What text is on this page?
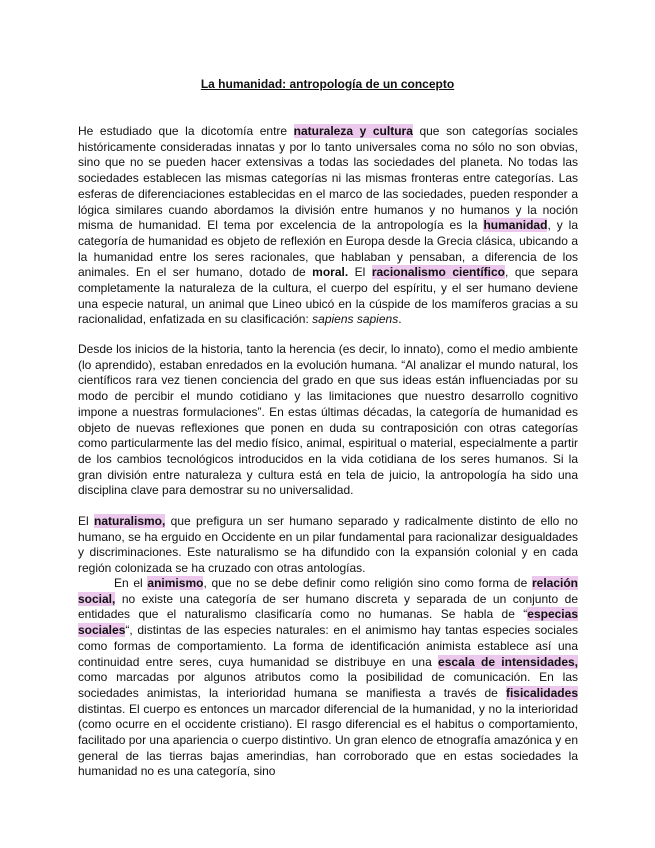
La humanidad: antropología de un concepto

He estudiado que la dicotomía entre naturaleza y cultura que son categorías sociales históricamente consideradas innatas y por lo tanto universales coma no sólo no son obvias, sino que no se pueden hacer extensivas a todas las sociedades del planeta. No todas las sociedades establecen las mismas categorías ni las mismas fronteras entre categorías. Las esferas de diferenciaciones establecidas en el marco de las sociedades, pueden responder a lógica similares cuando abordamos la división entre humanos y no humanos y la noción misma de humanidad. El tema por excelencia de la antropología es la humanidad, y la categoría de humanidad es objeto de reflexión en Europa desde la Grecia clásica, ubicando a la humanidad entre los seres racionales, que hablaban y pensaban, a diferencia de los animales. En el ser humano, dotado de moral. El racionalismo científico, que separa completamente la naturaleza de la cultura, el cuerpo del espíritu, y el ser humano deviene una especie natural, un animal que Lineo ubicó en la cúspide de los mamíferos gracias a su racionalidad, enfatizada en su clasificación: sapiens sapiens.

Desde los inicios de la historia, tanto la herencia (es decir, lo innato), como el medio ambiente (lo aprendido), estaban enredados en la evolución humana. “Al analizar el mundo natural, los científicos rara vez tienen conciencia del grado en que sus ideas están influenciadas por su modo de percibir el mundo cotidiano y las limitaciones que nuestro desarrollo cognitivo impone a nuestras formulaciones”. En estas últimas décadas, la categoría de humanidad es objeto de nuevas reflexiones que ponen en duda su contraposición con otras categorías como particularmente las del medio físico, animal, espiritual o material, especialmente a partir de los cambios tecnológicos introducidos en la vida cotidiana de los seres humanos. Si la gran división entre naturaleza y cultura está en tela de juicio, la antropología ha sido una disciplina clave para demostrar su no universalidad.

El naturalismo, que prefigura un ser humano separado y radicalmente distinto de ello no humano, se ha erguido en Occidente en un pilar fundamental para racionalizar desigualdades y discriminaciones. Este naturalismo se ha difundido con la expansión colonial y en cada región colonizada se ha cruzado con otras antologías.

En el animismo, que no se debe definir como religión sino como forma de relación social, no existe una categoría de ser humano discreta y separada de un conjunto de entidades que el naturalismo clasificaría como no humanas. Se habla de “especias sociales“, distintas de las especies naturales: en el animismo hay tantas especies sociales como formas de comportamiento. La forma de identificación animista establece así una continuidad entre seres, cuya humanidad se distribuye en una escala de intensidades, como marcadas por algunos atributos como la posibilidad de comunicación. En las sociedades animistas, la interioridad humana se manifiesta a través de fisicalidades distintas. El cuerpo es entonces un marcador diferencial de la humanidad, y no la interioridad (como ocurre en el occidente cristiano). El rasgo diferencial es el habitus o comportamiento, facilitado por una apariencia o cuerpo distintivo. Un gran elenco de etnografía amazónica y en general de las tierras bajas amerindias, han corroborado que en estas sociedades la humanidad no es una categoría, sino
